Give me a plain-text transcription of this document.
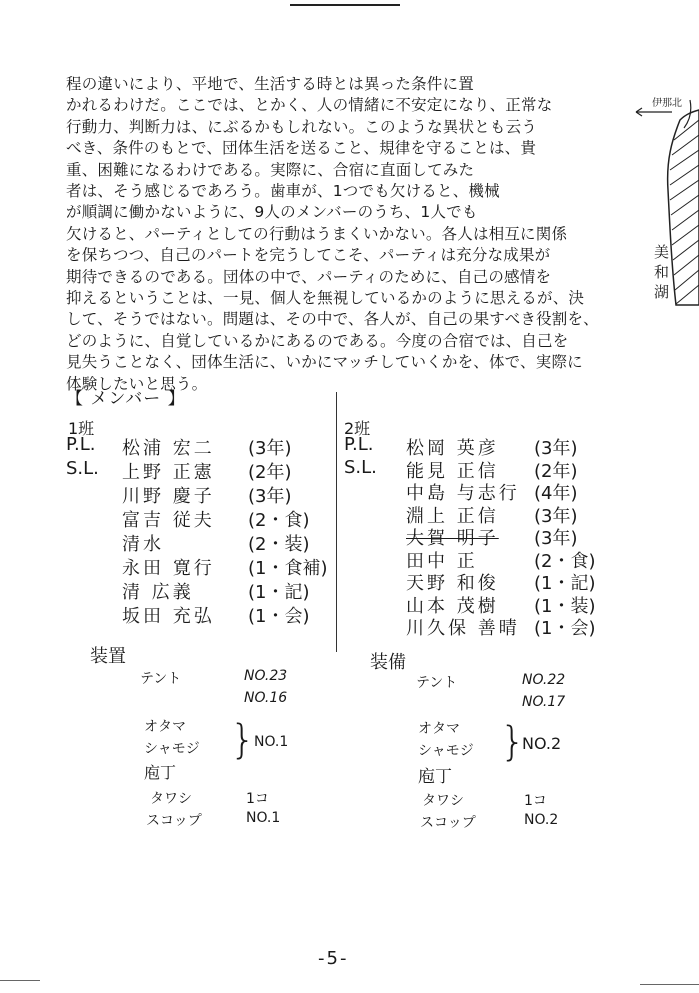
程の違いにより、平地で、生活する時とは異った条件に置
かれるわけだ。ここでは、とかく、人の情緒に不安定になり、正常な
行動力、判断力は、にぶるかもしれない。このような異状とも云う
べき、条件のもとで、団体生活を送ること、規律を守ることは、貴
重、困難になるわけである。実際に、合宿に直面してみた
者は、そう感じるであろう。歯車が、1つでも欠けると、機械
が順調に働かないように、9人のメンバーのうち、1人でも
欠けると、パーティとしての行動はうまくいかない。各人は相互に関係
を保ちつつ、自己のパートを完うしてこそ、パーティは充分な成果が
期待できるのである。団体の中で、パーティのために、自己の感情を
抑えるということは、一見、個人を無視しているかのように思えるが、決
して、そうではない。問題は、その中で、各人が、自己の果すべき役割を、
どのように、自覚しているかにあるのである。今度の合宿では、自己を
見失うことなく、団体生活に、いかにマッチしていくかを、体で、実際に
体験したいと思う。
伊那北
美
和
湖
【 メンバー 】
1班
P.L. 松浦 宏二 (3年)
S.L. 上野 正憲 (2年)
川野 慶子 (3年)
富吉 従夫 (2・食)
清水	(2・装)
永田 寛行 (1・食補)
清 広義	(1・記)
坂田 充弘 (1・会)
2班
P.L. 松岡 英彦 (3年)
S.L. 能見 正信 (2年)
中島 与志行 (4年)
淵上 正信 (3年)
大賀 明子 (3年)
田中 正	(2・食)
天野 和俊 (1・記)
山本 茂樹 (1・装)
川久保 善晴 (1・会)
装置
テント	NO.23
NO.16
オタマ
シャモジ
庖丁
}
NO.1
タワシ	1コ
スコップ	NO.1
装備
テント	NO.22
NO.17
オタマ
シャモジ
庖丁
}
NO.2
タワシ	1コ
スコップ	NO.2
-5-
